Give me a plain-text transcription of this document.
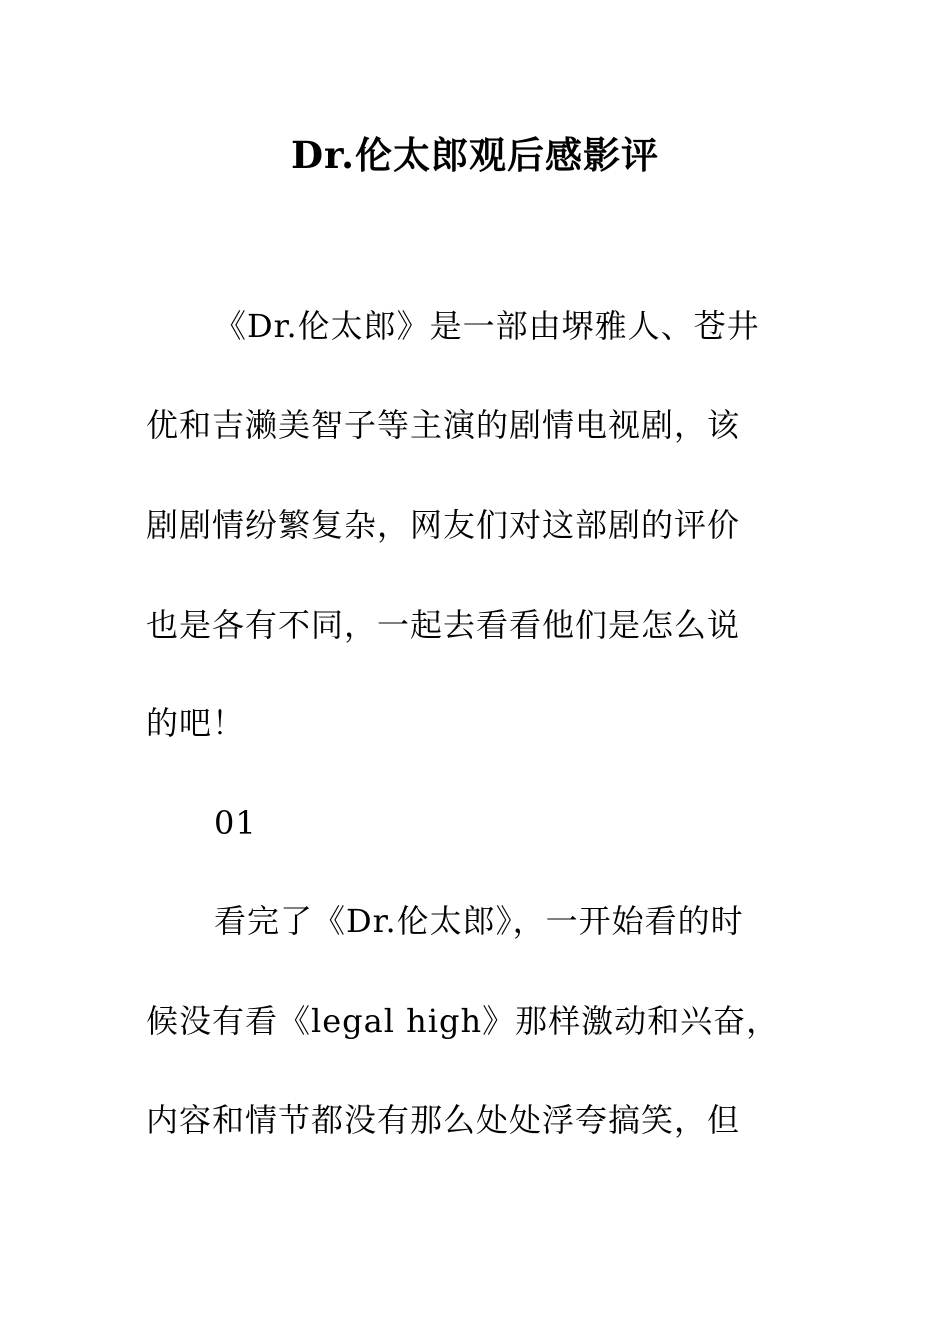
Dr.伦太郎观后感影评
《Dr.伦太郎》是一部由堺雅人、苍井
优和吉濑美智子等主演的剧情电视剧，该
剧剧情纷繁复杂，网友们对这部剧的评价
也是各有不同，一起去看看他们是怎么说
的吧！
01
看完了《Dr.伦太郎》，一开始看的时
候没有看《legal high》那样激动和兴奋，
内容和情节都没有那么处处浮夸搞笑，但
